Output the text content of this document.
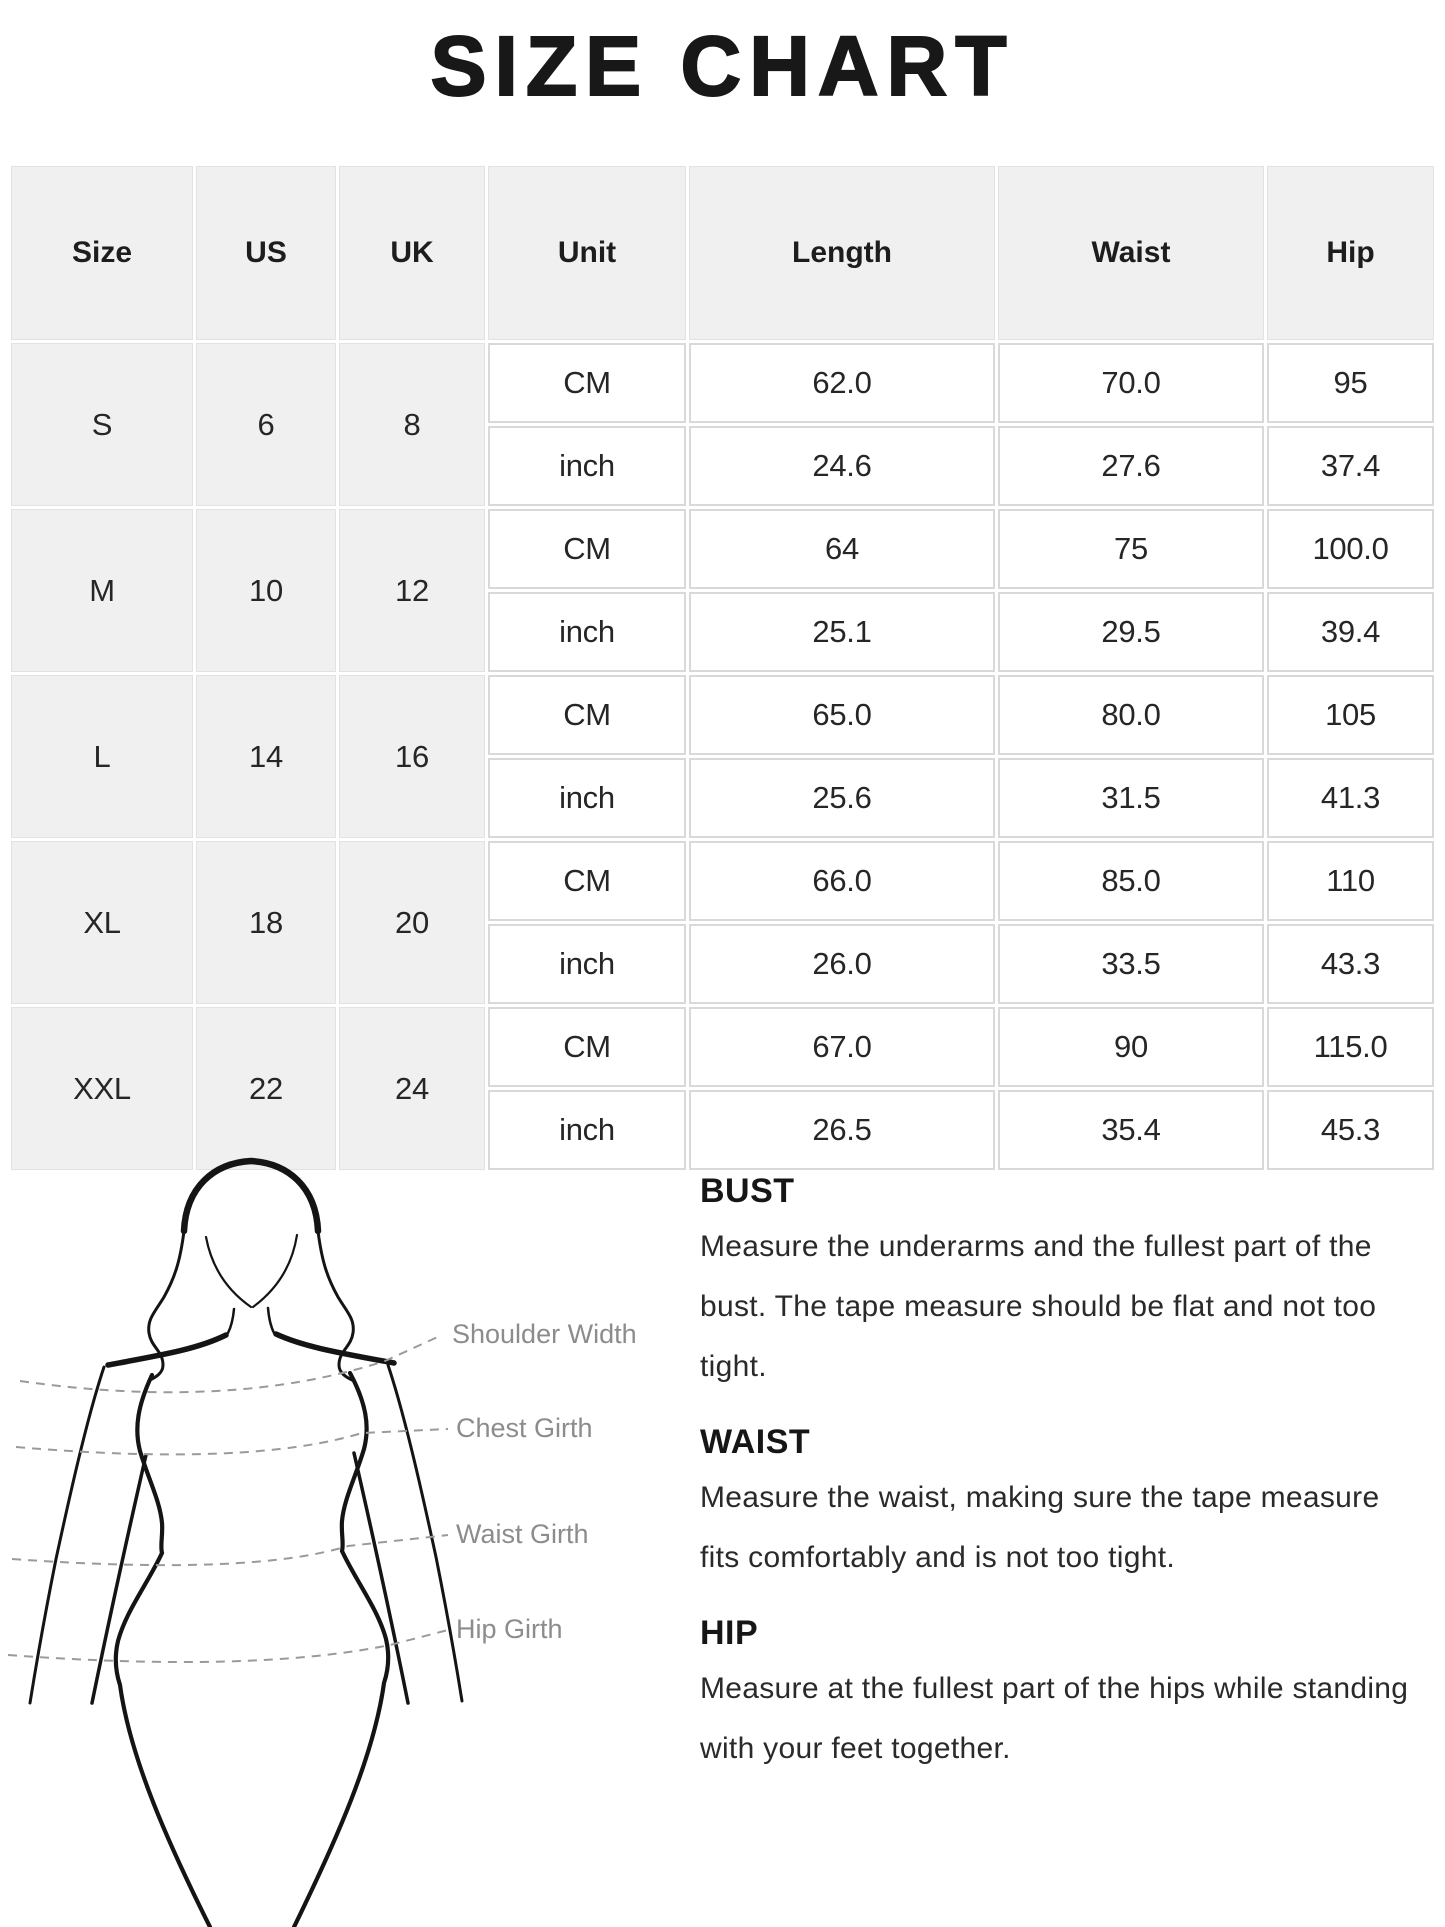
SIZE CHART
Size	US	UK	Unit	Length	Waist	Hip
S	6	8	CM	62.0	70.0	95
			inch	24.6	27.6	37.4
M	10	12	CM	64	75	100.0
			inch	25.1	29.5	39.4
L	14	16	CM	65.0	80.0	105
			inch	25.6	31.5	41.3
XL	18	20	CM	66.0	85.0	110
			inch	26.0	33.5	43.3
XXL	22	24	CM	67.0	90	115.0
			inch	26.5	35.4	45.3
Shoulder Width
Chest Girth
Waist Girth
Hip Girth
BUST

Measure the underarms and the fullest part of the bust. The tape measure should be flat and not too tight.

WAIST

Measure the waist, making sure the tape measure fits comfortably and is not too tight.

HIP

Measure at the fullest part of the hips while standing with your feet together.
